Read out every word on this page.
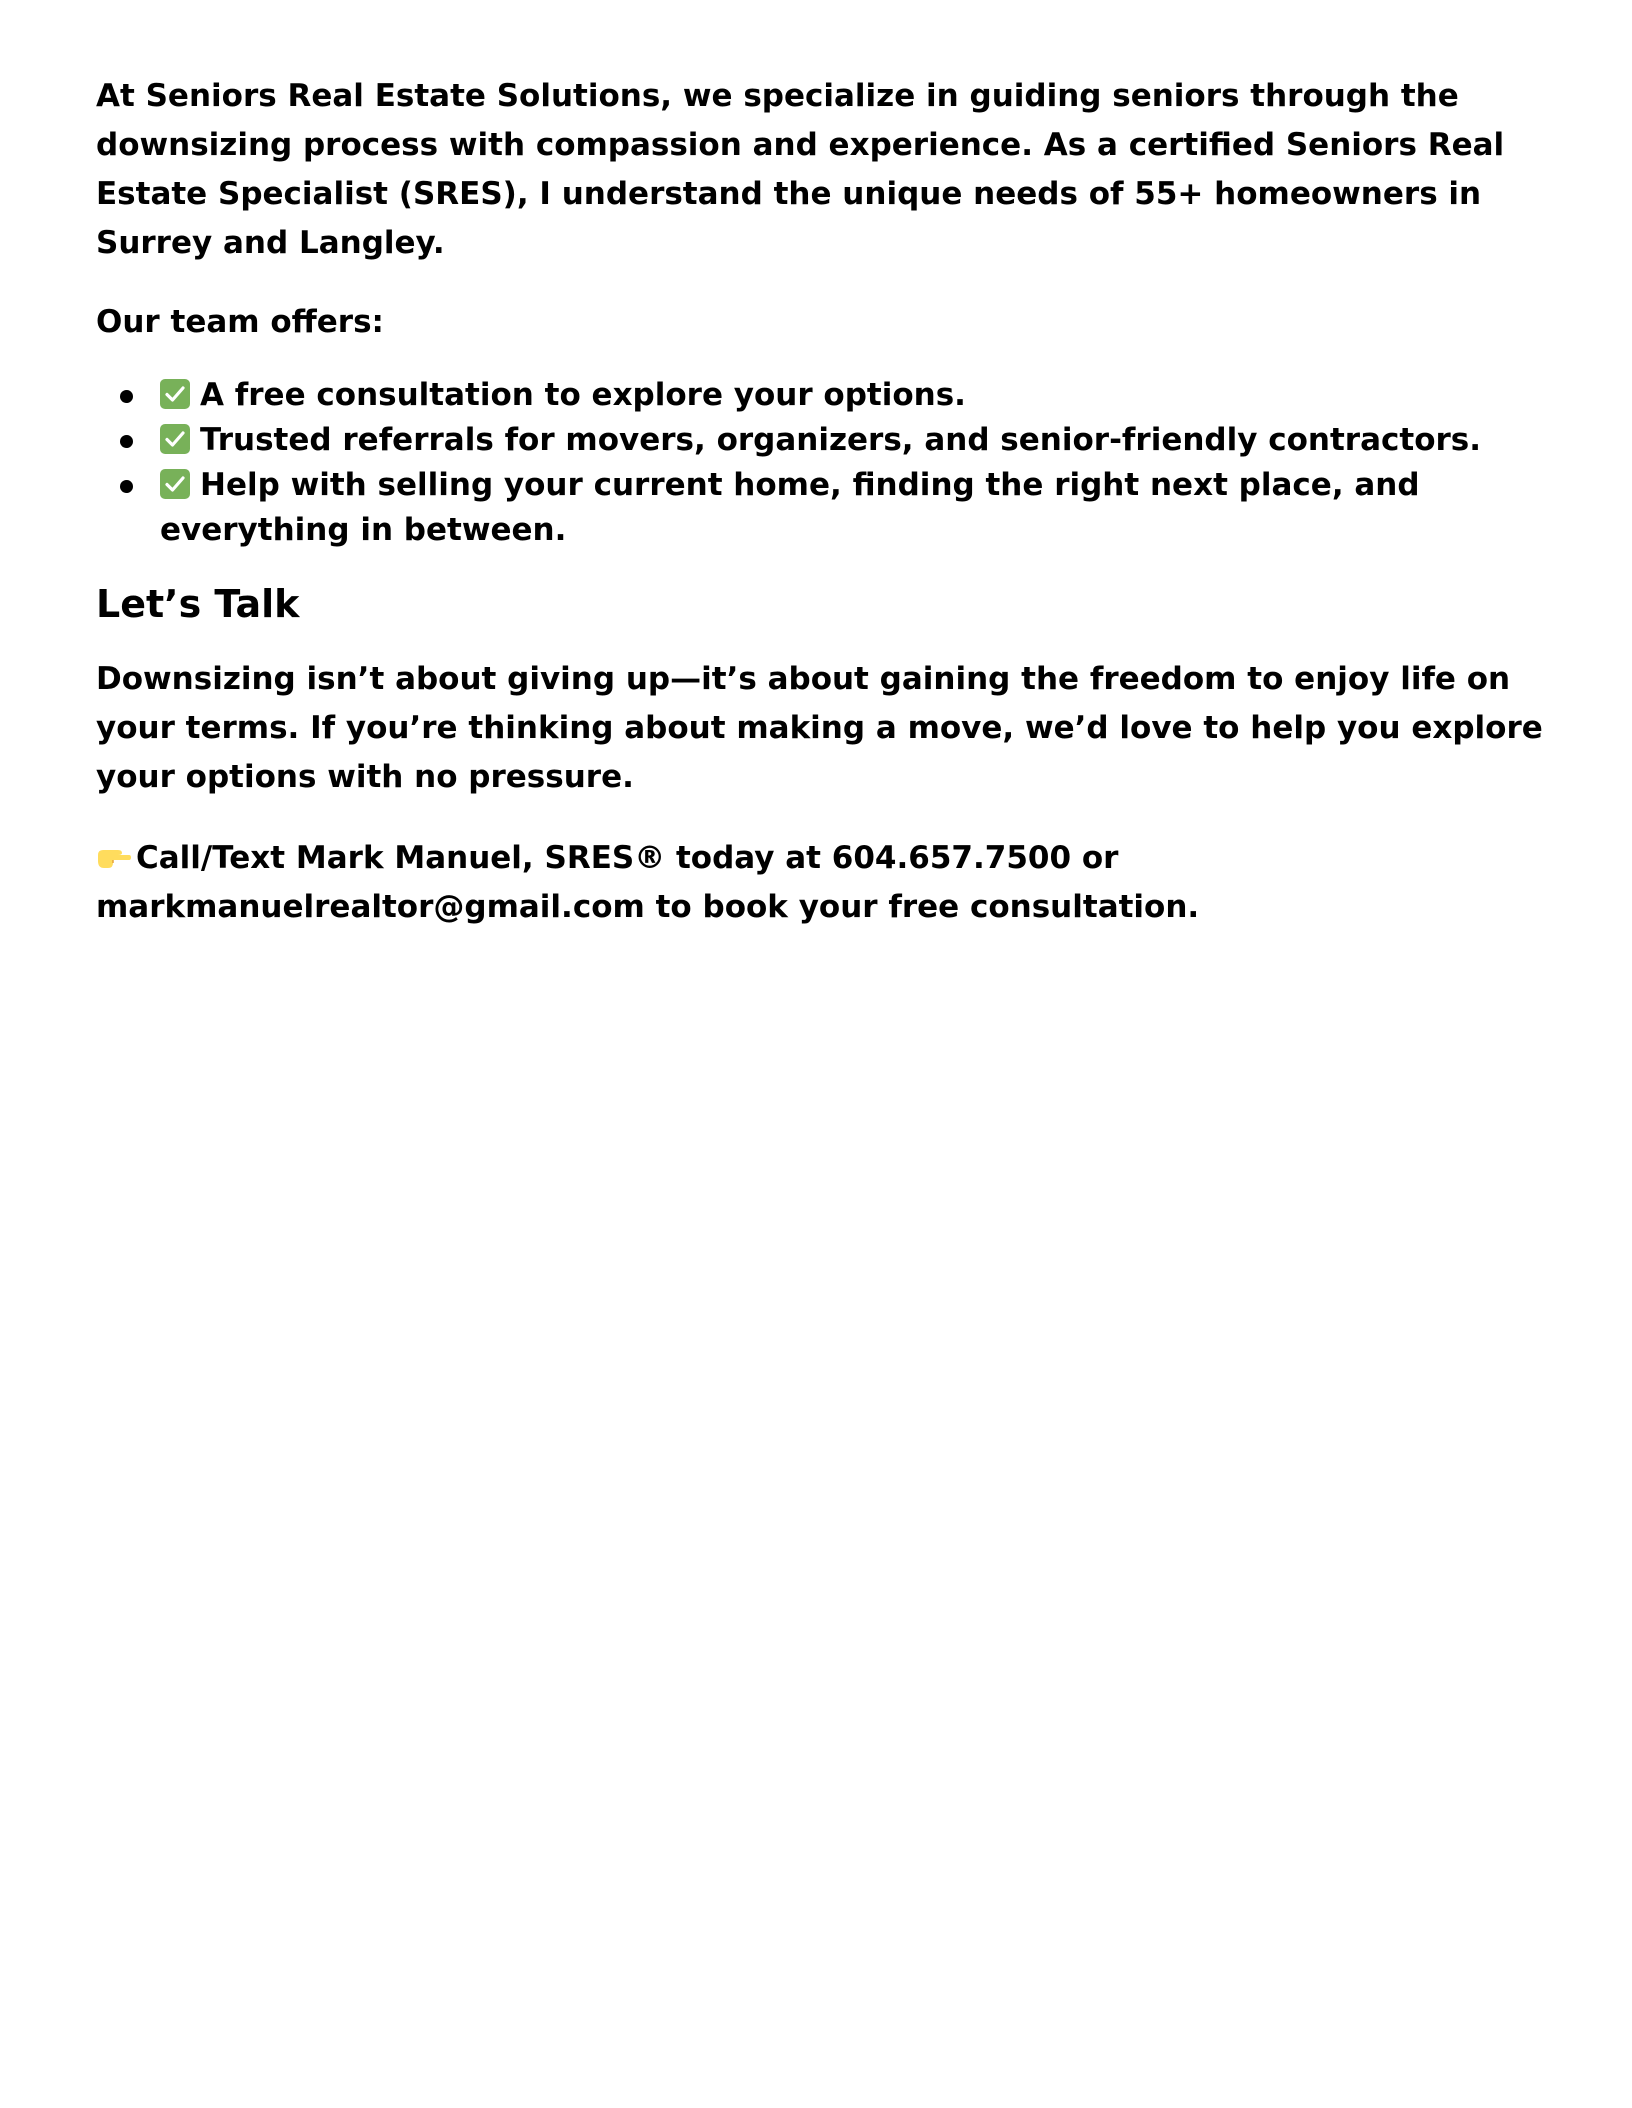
At Seniors Real Estate Solutions, we specialize in guiding seniors through the downsizing process with compassion and experience. As a certified Seniors Real Estate Specialist (SRES), I understand the unique needs of 55+ homeowners in Surrey and Langley.

Our team offers:

A free consultation to explore your options.
Trusted referrals for movers, organizers, and senior-friendly contractors.
Help with selling your current home, finding the right next place, and everything in between.
Let’s Talk

Downsizing isn’t about giving up—it’s about gaining the freedom to enjoy life on your terms. If you’re thinking about making a move, we’d love to help you explore your options with no pressure.

Call/Text Mark Manuel, SRES® today at 604.657.7500 or markmanuelrealtor@gmail.com to book your free consultation.
